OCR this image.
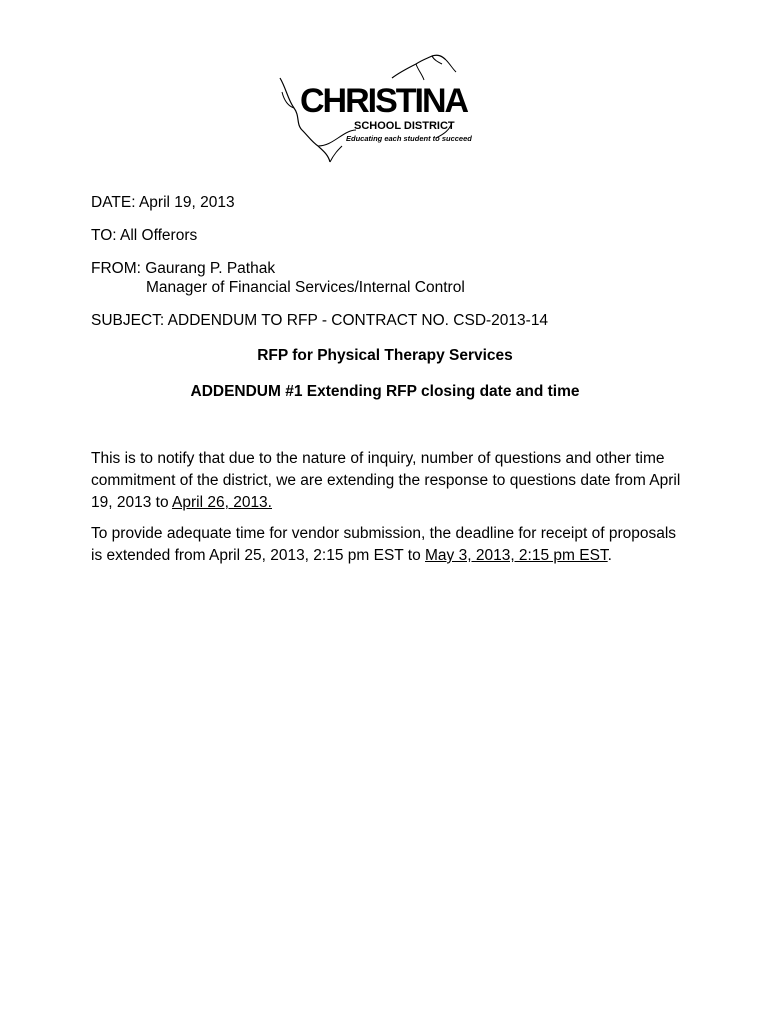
CHRISTINA
SCHOOL DISTRICT
Educating each student to succeed
DATE: April 19, 2013
TO: All Offerors
FROM: Gaurang P. Pathak
Manager of Financial Services/Internal Control
SUBJECT: ADDENDUM TO RFP - CONTRACT NO. CSD-2013-14
RFP for Physical Therapy Services
ADDENDUM #1 Extending RFP closing date and time
This is to notify that due to the nature of inquiry, number of questions and other time commitment of the district, we are extending the response to questions date from April 19, 2013 to April 26, 2013.
To provide adequate time for vendor submission, the deadline for receipt of proposals is extended from April 25, 2013, 2:15 pm EST to May 3, 2013, 2:15 pm EST.
